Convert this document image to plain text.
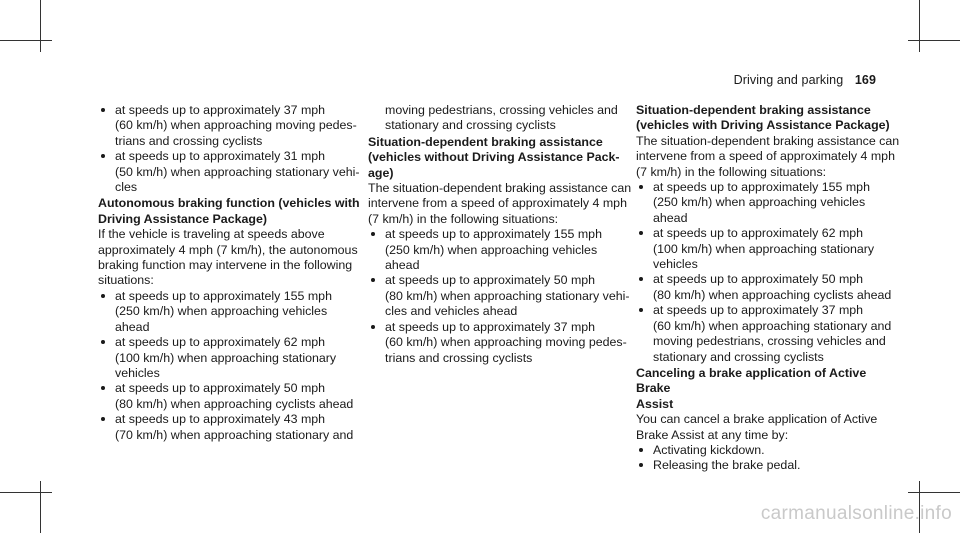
Driving and parking 169
at speeds up to approximately 37 mph
(60 km/h) when approaching moving pedes-
trians and crossing cyclists
at speeds up to approximately 31 mph
(50 km/h) when approaching stationary vehi-
cles

Autonomous braking function (vehicles with
Driving Assistance Package)

If the vehicle is traveling at speeds above
approximately 4 mph (7 km/h), the autonomous
braking function may intervene in the following
situations:

at speeds up to approximately 155 mph
(250 km/h) when approaching vehicles
ahead
at speeds up to approximately 62 mph
(100 km/h) when approaching stationary
vehicles
at speeds up to approximately 50 mph
(80 km/h) when approaching cyclists ahead
at speeds up to approximately 43 mph
(70 km/h) when approaching stationary and
moving pedestrians, crossing vehicles and
stationary and crossing cyclists

Situation-dependent braking assistance
(vehicles without Driving Assistance Pack-
age)

The situation-dependent braking assistance can
intervene from a speed of approximately 4 mph
(7 km/h) in the following situations:

at speeds up to approximately 155 mph
(250 km/h) when approaching vehicles
ahead
at speeds up to approximately 50 mph
(80 km/h) when approaching stationary vehi-
cles and vehicles ahead
at speeds up to approximately 37 mph
(60 km/h) when approaching moving pedes-
trians and crossing cyclists

Situation-dependent braking assistance
(vehicles with Driving Assistance Package)

The situation-dependent braking assistance can
intervene from a speed of approximately 4 mph
(7 km/h) in the following situations:

at speeds up to approximately 155 mph
(250 km/h) when approaching vehicles
ahead
at speeds up to approximately 62 mph
(100 km/h) when approaching stationary
vehicles
at speeds up to approximately 50 mph
(80 km/h) when approaching cyclists ahead
at speeds up to approximately 37 mph
(60 km/h) when approaching stationary and
moving pedestrians, crossing vehicles and
stationary and crossing cyclists

Canceling a brake application of Active Brake
Assist

You can cancel a brake application of Active
Brake Assist at any time by:

Activating kickdown.
Releasing the brake pedal.
carmanualsonline.info
